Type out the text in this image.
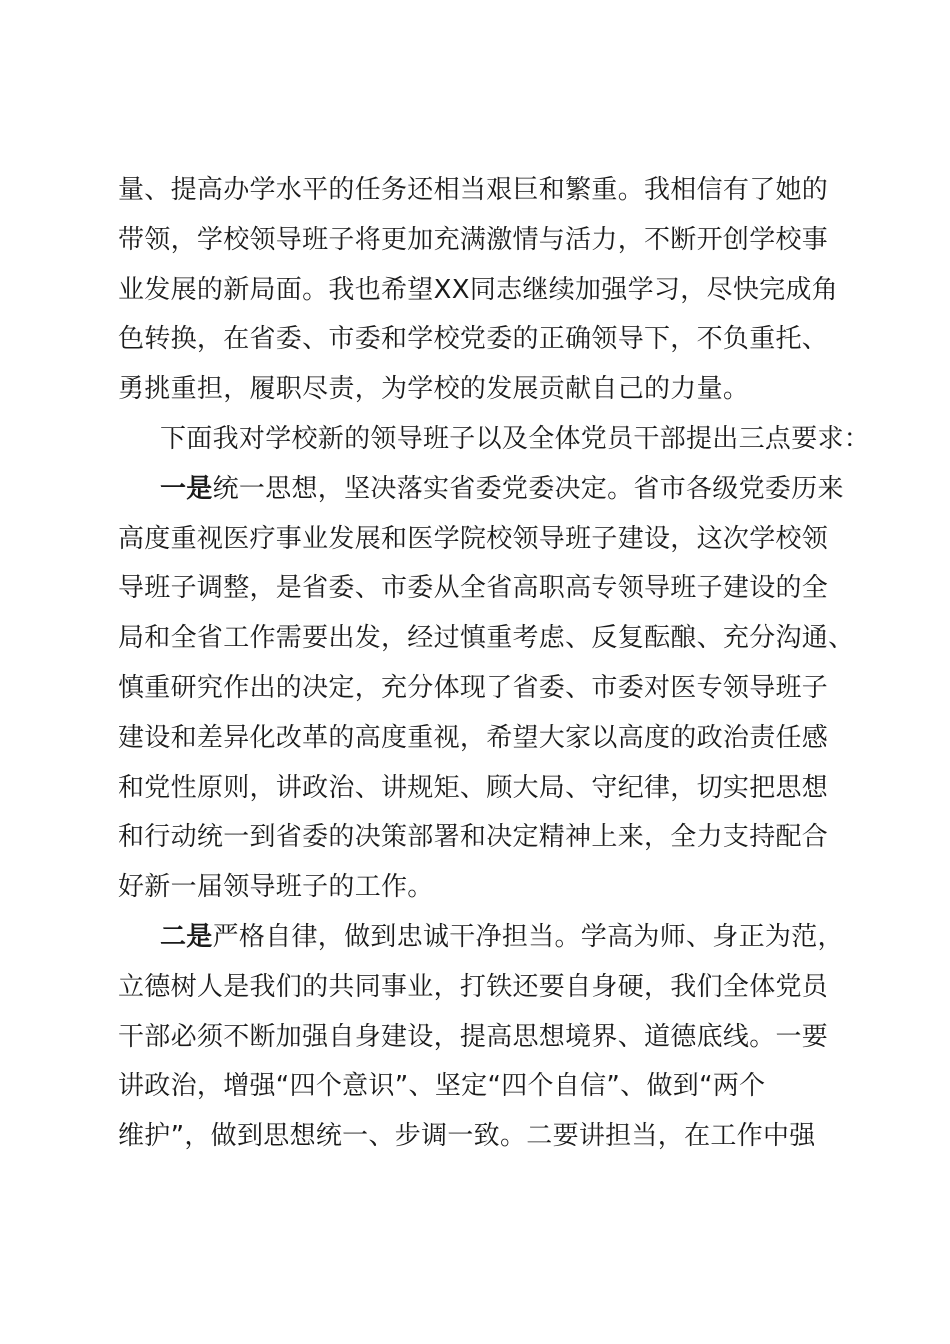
量、提高办学水平的任务还相当艰巨和繁重。我相信有了她的
带领，学校领导班子将更加充满激情与活力，不断开创学校事
业发展的新局面。我也希望XX同志继续加强学习，尽快完成角
色转换，在省委、市委和学校党委的正确领导下，不负重托、
勇挑重担，履职尽责，为学校的发展贡献自己的力量。
下面我对学校新的领导班子以及全体党员干部提出三点要求：
一是统一思想，坚决落实省委党委决定。省市各级党委历来
高度重视医疗事业发展和医学院校领导班子建设，这次学校领
导班子调整，是省委、市委从全省高职高专领导班子建设的全
局和全省工作需要出发，经过慎重考虑、反复酝酿、充分沟通、
慎重研究作出的决定，充分体现了省委、市委对医专领导班子
建设和差异化改革的高度重视，希望大家以高度的政治责任感
和党性原则，讲政治、讲规矩、顾大局、守纪律，切实把思想
和行动统一到省委的决策部署和决定精神上来，全力支持配合
好新一届领导班子的工作。
二是严格自律，做到忠诚干净担当。学高为师、身正为范，
立德树人是我们的共同事业，打铁还要自身硬，我们全体党员
干部必须不断加强自身建设，提高思想境界、道德底线。一要
讲政治，增强“四个意识”、坚定“四个自信”、做到“两个
维护”，做到思想统一、步调一致。二要讲担当，在工作中强
